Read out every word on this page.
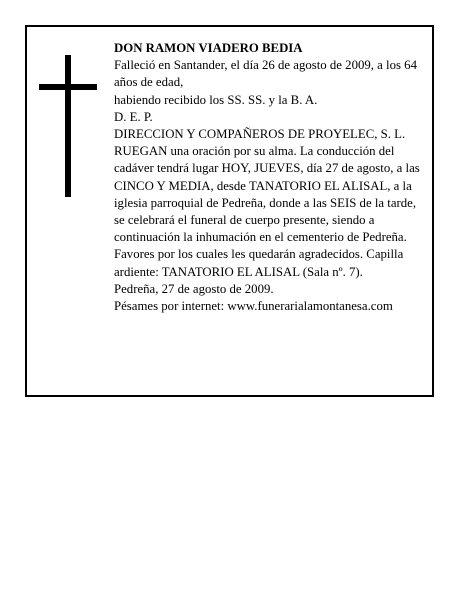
DON RAMON VIADERO BEDIA

Falleció en Santander, el día 26 de agosto de 2009, a los 64 años de edad,

habiendo recibido los SS. SS. y la B. A.

D. E. P.

DIRECCION Y COMPAÑEROS DE PROYELEC, S. L.

RUEGAN una oración por su alma. La conducción del cadáver tendrá lugar HOY, JUEVES, día 27 de agosto, a las CINCO Y MEDIA, desde TANATORIO EL ALISAL, a la iglesia parroquial de Pedreña, donde a las SEIS de la tarde, se celebrará el funeral de cuerpo presente, siendo a continuación la inhumación en el cementerio de Pedreña. Favores por los cuales les quedarán agradecidos. Capilla ardiente: TANATORIO EL ALISAL (Sala nº. 7).

Pedreña, 27 de agosto de 2009.

Pésames por internet: www.funerarialamontanesa.com
